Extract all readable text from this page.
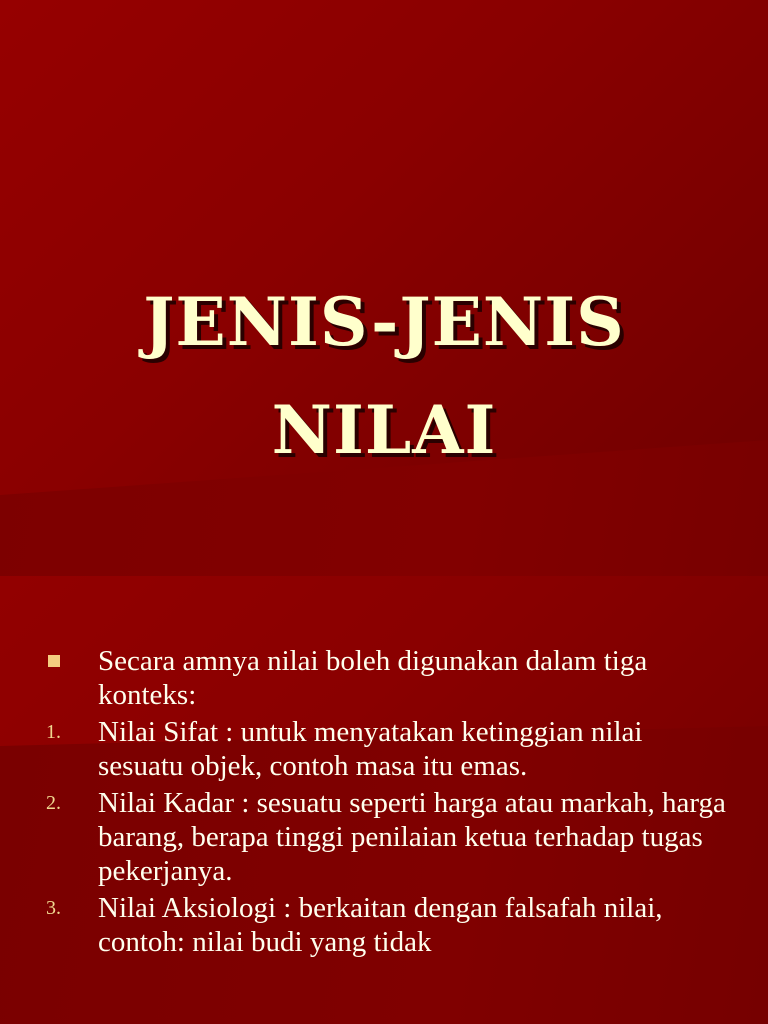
JENIS-JENIS
NILAI
Secara amnya nilai boleh digunakan dalam tiga konteks:
1. Nilai Sifat : untuk menyatakan ketinggian nilai sesuatu objek, contoh masa itu emas.
2. Nilai Kadar : sesuatu seperti harga atau markah, harga barang, berapa tinggi penilaian ketua terhadap tugas pekerjanya.
3. Nilai Aksiologi : berkaitan dengan falsafah nilai, contoh: nilai budi yang tidak
